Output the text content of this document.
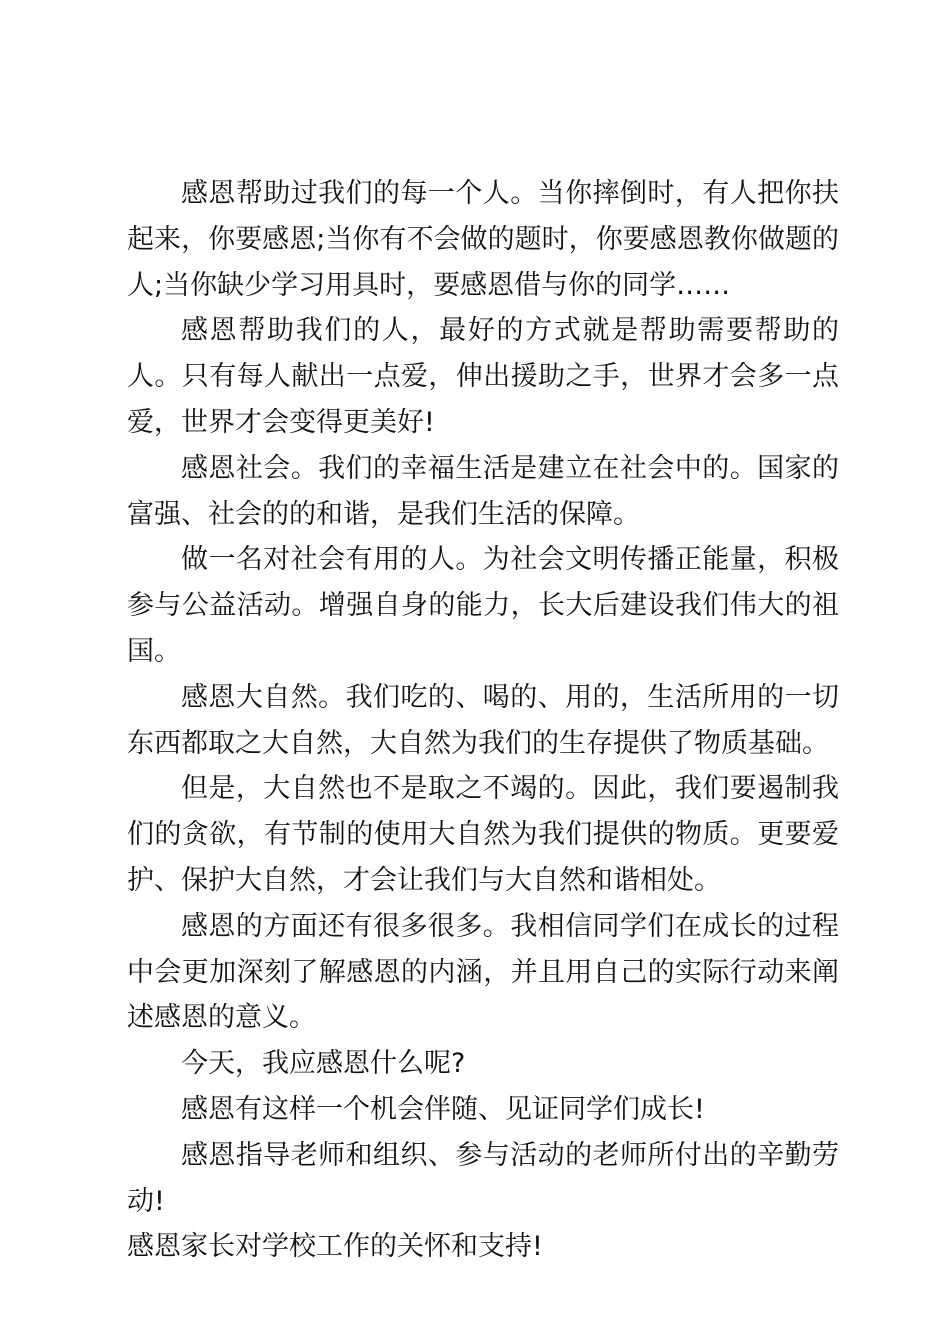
感恩帮助过我们的每一个人。当你摔倒时，有人把你扶起来，你要感恩;当你有不会做的题时，你要感恩教你做题的人;当你缺少学习用具时，要感恩借与你的同学……

感恩帮助我们的人，最好的方式就是帮助需要帮助的人。只有每人献出一点爱，伸出援助之手，世界才会多一点爱，世界才会变得更美好!

感恩社会。我们的幸福生活是建立在社会中的。国家的富强、社会的的和谐，是我们生活的保障。

做一名对社会有用的人。为社会文明传播正能量，积极参与公益活动。增强自身的能力，长大后建设我们伟大的祖国。

感恩大自然。我们吃的、喝的、用的，生活所用的一切东西都取之大自然，大自然为我们的生存提供了物质基础。

但是，大自然也不是取之不竭的。因此，我们要遏制我们的贪欲，有节制的使用大自然为我们提供的物质。更要爱护、保护大自然，才会让我们与大自然和谐相处。

感恩的方面还有很多很多。我相信同学们在成长的过程中会更加深刻了解感恩的内涵，并且用自己的实际行动来阐述感恩的意义。

今天，我应感恩什么呢?

感恩有这样一个机会伴随、见证同学们成长!

感恩指导老师和组织、参与活动的老师所付出的辛勤劳动!

感恩家长对学校工作的关怀和支持!
